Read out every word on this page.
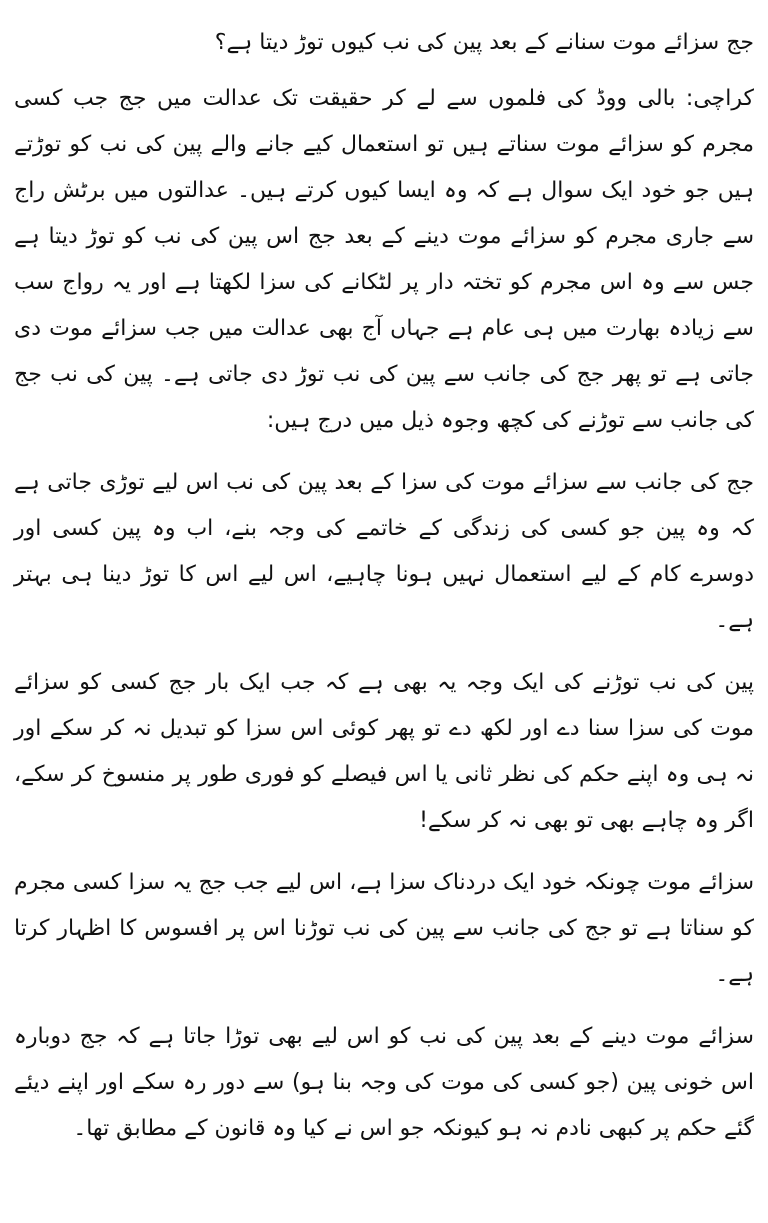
جج سزائے موت سنانے کے بعد پین کی نب کیوں توڑ دیتا ہے؟

کراچی: بالی ووڈ کی فلموں سے لے کر حقیقت تک عدالت میں جج جب کسی مجرم کو سزائے موت سناتے ہیں تو استعمال کیے جانے والے پین کی نب کو توڑتے ہیں جو خود ایک سوال ہے کہ وہ ایسا کیوں کرتے ہیں۔ عدالتوں میں برٹش راج سے جاری مجرم کو سزائے موت دینے کے بعد جج اس پین کی نب کو توڑ دیتا ہے جس سے وہ اس مجرم کو تختہ دار پر لٹکانے کی سزا لکھتا ہے اور یہ رواج سب سے زیادہ بھارت میں ہی عام ہے جہاں آج بھی عدالت میں جب سزائے موت دی جاتی ہے تو پھر جج کی جانب سے پین کی نب توڑ دی جاتی ہے۔ پین کی نب جج کی جانب سے توڑنے کی کچھ وجوہ ذیل میں درج ہیں:

جج کی جانب سے سزائے موت کی سزا کے بعد پین کی نب اس لیے توڑی جاتی ہے کہ وہ پین جو کسی کی زندگی کے خاتمے کی وجہ بنے، اب وہ پین کسی اور دوسرے کام کے لیے استعمال نہیں ہونا چاہیے، اس لیے اس کا توڑ دینا ہی بہتر ہے۔

پین کی نب توڑنے کی ایک وجہ یہ بھی ہے کہ جب ایک بار جج کسی کو سزائے موت کی سزا سنا دے اور لکھ دے تو پھر کوئی اس سزا کو تبدیل نہ کر سکے اور نہ ہی وہ اپنے حکم کی نظر ثانی یا اس فیصلے کو فوری طور پر منسوخ کر سکے، اگر وہ چاہے بھی تو بھی نہ کر سکے!

سزائے موت چونکہ خود ایک دردناک سزا ہے، اس لیے جب جج یہ سزا کسی مجرم کو سناتا ہے تو جج کی جانب سے پین کی نب توڑنا اس پر افسوس کا اظہار کرتا ہے۔

سزائے موت دینے کے بعد پین کی نب کو اس لیے بھی توڑا جاتا ہے کہ جج دوبارہ اس خونی پین (جو کسی کی موت کی وجہ بنا ہو) سے دور رہ سکے اور اپنے دیئے گئے حکم پر کبھی نادم نہ ہو کیونکہ جو اس نے کیا وہ قانون کے مطابق تھا۔
